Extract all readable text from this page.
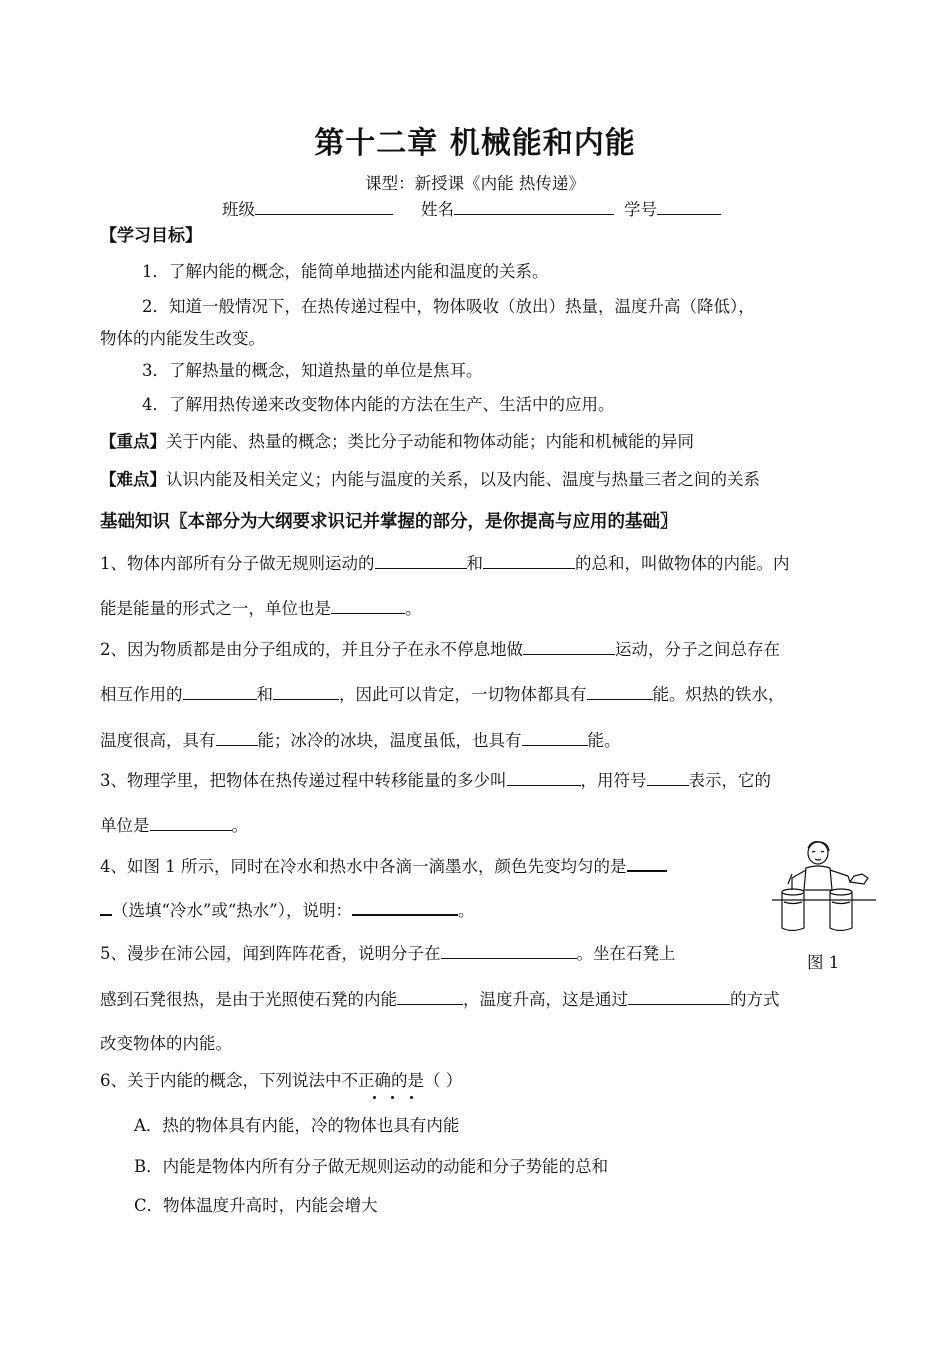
第十二章 机械能和内能
课型：新授课《内能 热传递》
班级	姓名	学号
【学习目标】
1．了解内能的概念，能简单地描述内能和温度的关系。
2．知道一般情况下，在热传递过程中，物体吸收（放出）热量，温度升高（降低），
物体的内能发生改变。
3．了解热量的概念，知道热量的单位是焦耳。
4．了解用热传递来改变物体内能的方法在生产、生活中的应用。
【重点】关于内能、热量的概念；类比分子动能和物体动能；内能和机械能的异同
【难点】认识内能及相关定义；内能与温度的关系，以及内能、温度与热量三者之间的关系
基础知识〖本部分为大纲要求识记并掌握的部分，是你提高与应用的基础〗
1、物体内部所有分子做无规则运动的	和	的总和，叫做物体的内能。内
能是能量的形式之一，单位也是	。
2、因为物质都是由分子组成的，并且分子在永不停息地做	运动，分子之间总存在
相互作用的	和	，因此可以肯定，一切物体都具有	能。炽热的铁水，
温度很高，具有	能；冰冷的冰块，温度虽低，也具有	能。
3、物理学里，把物体在热传递过程中转移能量的多少叫	，用符号	表示，它的
单位是	。
4、如图 1 所示，同时在冷水和热水中各滴一滴墨水，颜色先变均匀的是
（选填“冷水”或“热水”），说明：	。
图 1
5、漫步在沛公园，闻到阵阵花香，说明分子在	。坐在石凳上
感到石凳很热，是由于光照使石凳的内能	，温度升高，这是通过	的方式
改变物体的内能。
6、关于内能的概念，下列说法中不正确的是（ ）
A．热的物体具有内能，冷的物体也具有内能
B．内能是物体内所有分子做无规则运动的动能和分子势能的总和
C．物体温度升高时，内能会增大
